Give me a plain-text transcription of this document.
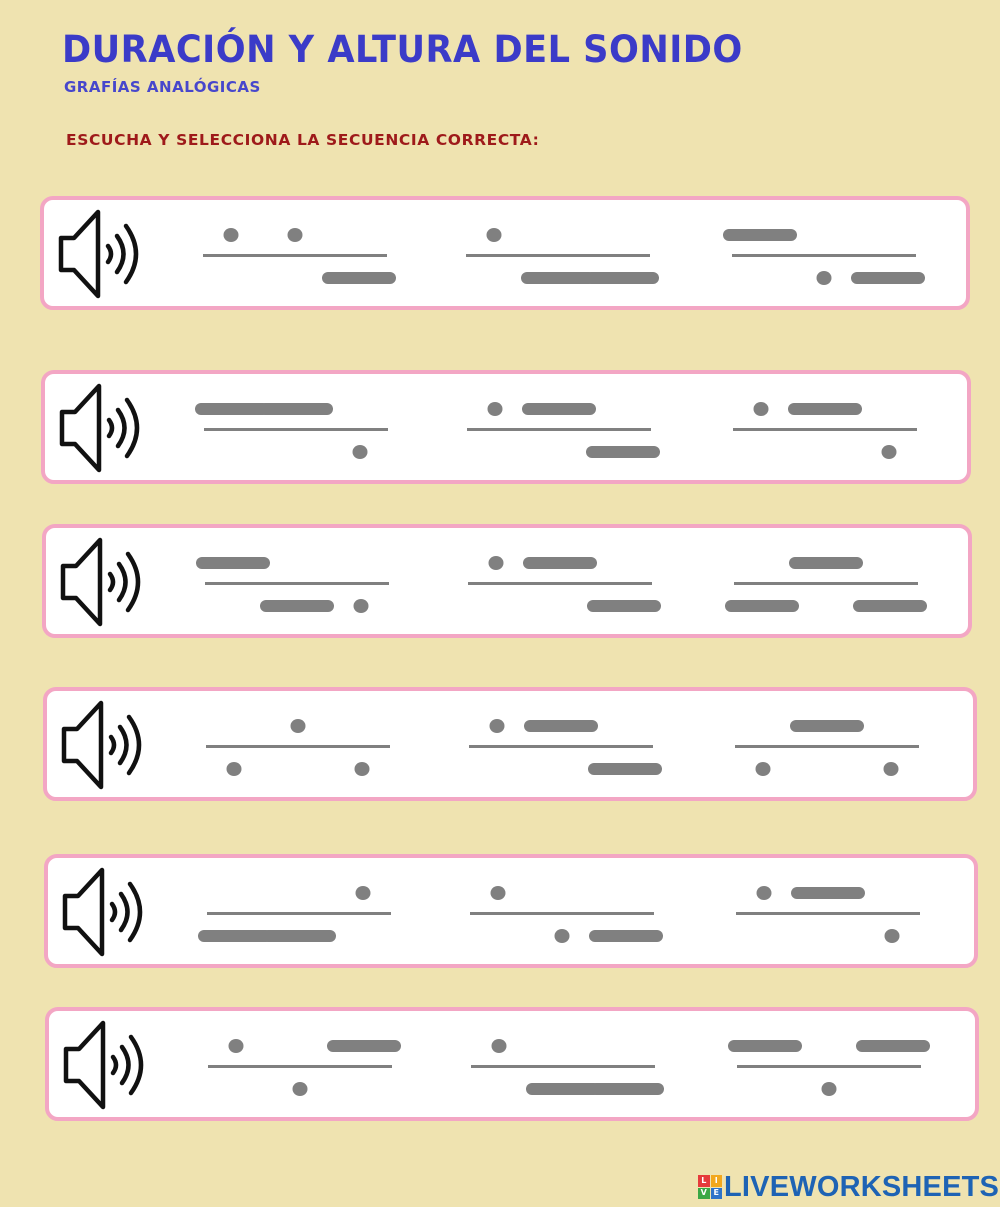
DURACIÓN Y ALTURA DEL SONIDO
GRAFÍAS ANALÓGICAS
ESCUCHA Y SELECCIONA LA SECUENCIA CORRECTA:
L	I
V E LIVEWORKSHEETS
